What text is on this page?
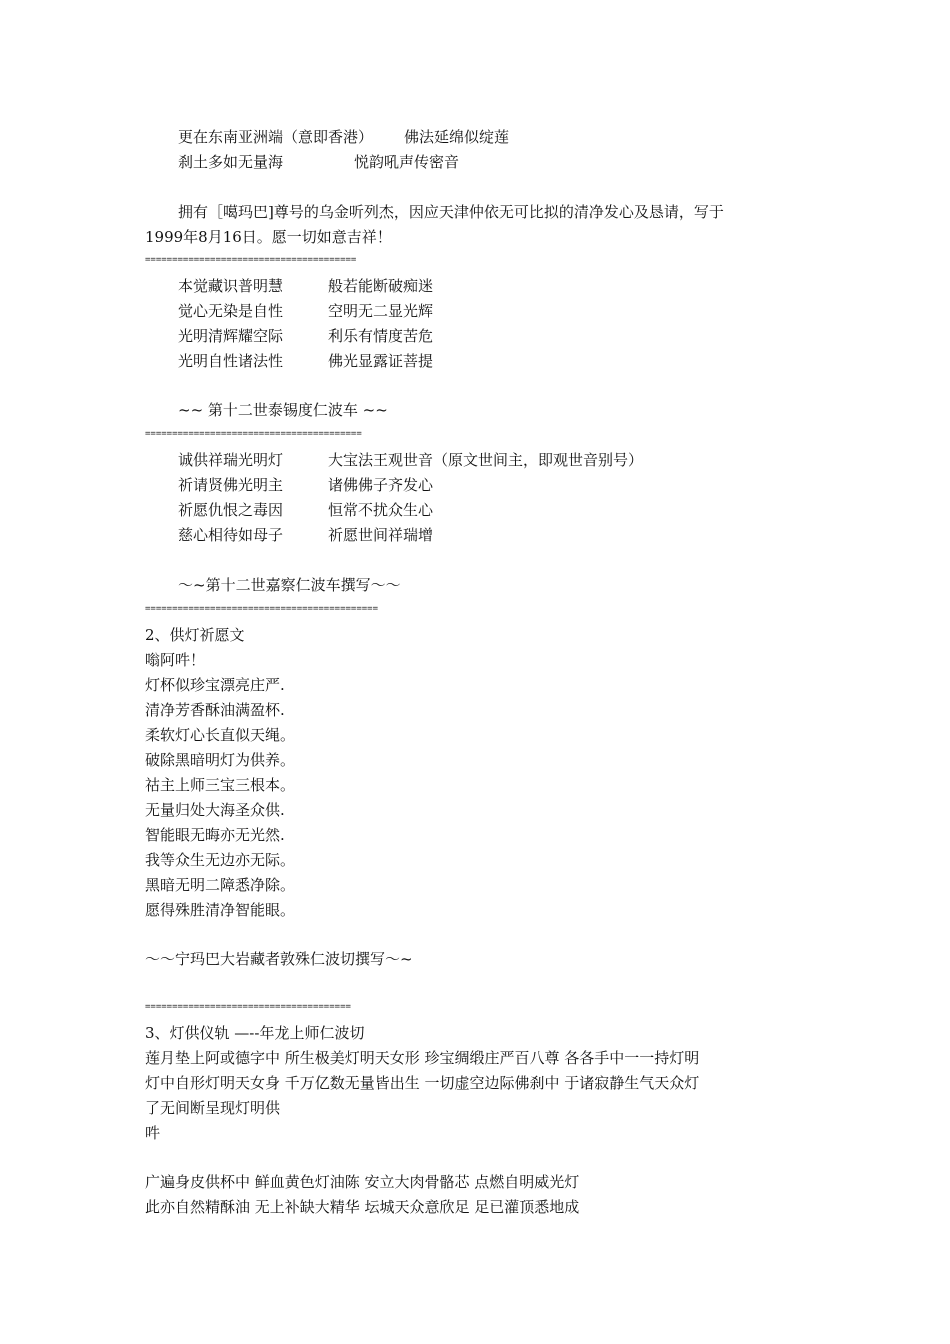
更在东南亚洲端（意即香港） 佛法延绵似绽莲
刹土多如无量海	悦韵吼声传密音
拥有［噶玛巴]尊号的乌金听列杰，因应天津仲依无可比拟的清净发心及恳请，写于
1999年8月16日。愿一切如意吉祥！
=======================================
本觉藏识普明慧	般若能断破痴迷
觉心无染是自性	空明无二显光辉
光明清辉耀空际	利乐有情度苦危
光明自性诸法性	佛光显露证菩提
~~ 第十二世泰锡度仁波车 ~~
========================================
诚供祥瑞光明灯	大宝法王观世音（原文世间主，即观世音别号）
祈请贤佛光明主	诸佛佛子齐发心
祈愿仇恨之毒因	恒常不扰众生心
慈心相待如母子	祈愿世间祥瑞增
～~第十二世嘉察仁波车撰写～～
===========================================
2、供灯祈愿文
嗡阿吽！
灯杯似珍宝漂亮庄严.
清净芳香酥油满盈杯.
柔软灯心长直似天绳。
破除黑暗明灯为供养。
祜主上师三宝三根本。
无量归处大海圣众供.
智能眼无晦亦无光然.
我等众生无边亦无际。
黑暗无明二障悉净除。
愿得殊胜清净智能眼。
～～宁玛巴大岩藏者敦殊仁波切撰写～~
======================================
3、灯供仪轨 —--年龙上师仁波切
莲月垫上阿或德字中 所生极美灯明天女形 珍宝绸缎庄严百八尊 各各手中一一持灯明
灯中自形灯明天女身 千万亿数无量皆出生 一切虚空边际佛刹中 于诸寂静生气天众灯
了无间断呈现灯明供
吽
广遍身皮供杯中 鲜血黄色灯油陈 安立大肉骨骼芯 点燃自明威光灯
此亦自然精酥油 无上补缺大精华 坛城天众意欣足 足已灌顶悉地成
